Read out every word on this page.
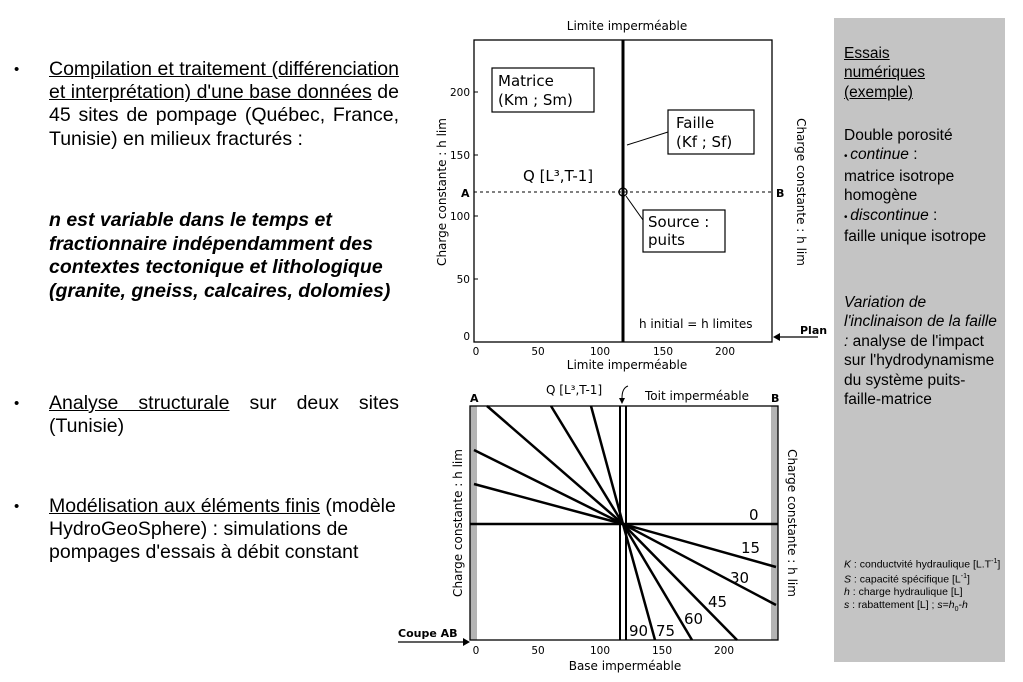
• Compilation et traitement (différenciation et interprétation) d'une base données de 45 sites de pompage (Québec, France, Tunisie) en milieux fracturés :
n est variable dans le temps et fractionnaire indépendamment des contextes tectonique et lithologique (granite, gneiss, calcaires, dolomies)
• Analyse structurale sur deux sites (Tunisie)
• Modélisation aux éléments finis (modèle HydroGeoSphere) : simulations de pompages d'essais à débit constant
Essais
numériques
(exemple)
Double porosité
• continue :
matrice isotrope homogène
• discontinue :
faille unique isotrope
Variation de l'inclinaison de la faille : analyse de l'impact sur l'hydrodynamisme du système puits-faille-matrice
K : conductvité hydraulique $[L.T^{-1}]$
S : capacité spécifique $[L^{-1}]$
h : charge hydraulique [L]
s : rabattement [L] ; $s=h_0-h$
Limite imperméable
200
150
100
50
0
0	50	100	150	200
Limite imperméable
Charge constante : h lim	Charge constante : h lim
A	B
Matrice
(Km ; Sm)
Faille
(Kf ; Sf)
Q [L³,T-1]
Source :
puits
h initial = h limites	Plan
A	B
Q [L³,T-1]	Toit imperméable
0
15
30
45
60
75
90
Charge constante : h lim	Charge constante : h lim
0	50	100	150	200
Base imperméable
Coupe AB
